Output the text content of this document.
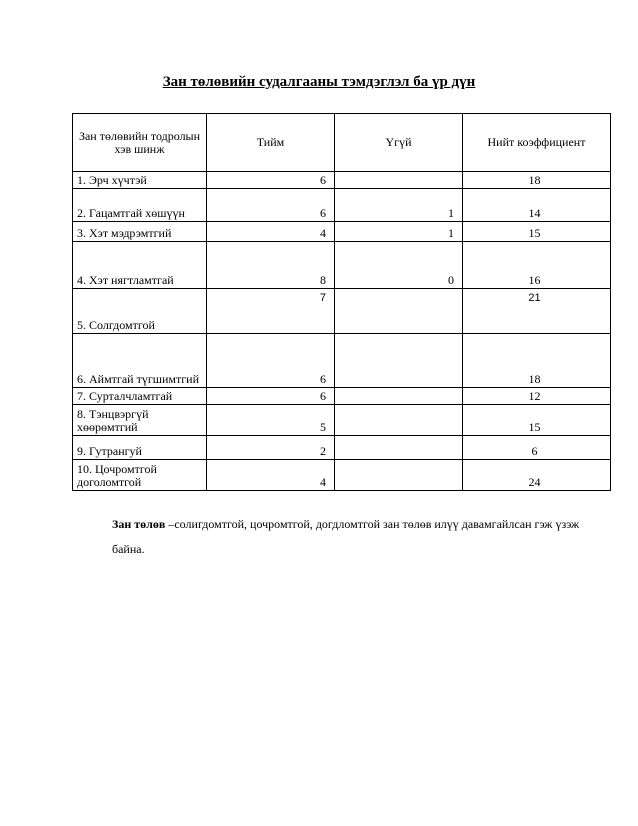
Зан төлөвийн судалгааны тэмдэглэл ба үр дүн
Зан төлөвийн тодролын хэв шинж	Тийм	Үгүй	Нийт коэффициент
1. Эрч хүчтэй	6		18
2. Гацамтгай хөшүүн	6	1	14
3. Хэт мэдрэмтгий	4	1	15
4. Хэт нягтламтгай	8	0	16
5. Солгдомтгой	7		21
6. Аймтгай түгшимтгий	6		18
7. Сурталчламтгай	6		12
8. Тэнцвэргүй хөөрөмтгий	5		15
9. Гутрангуй	2		6
10. Цочромтгой доголомтгой	4		24

Зан төлөв –солигдомтгой, цочромтгой, догдломтгой зан төлөв илүү давамгайлсан гэж үзэж байна.
